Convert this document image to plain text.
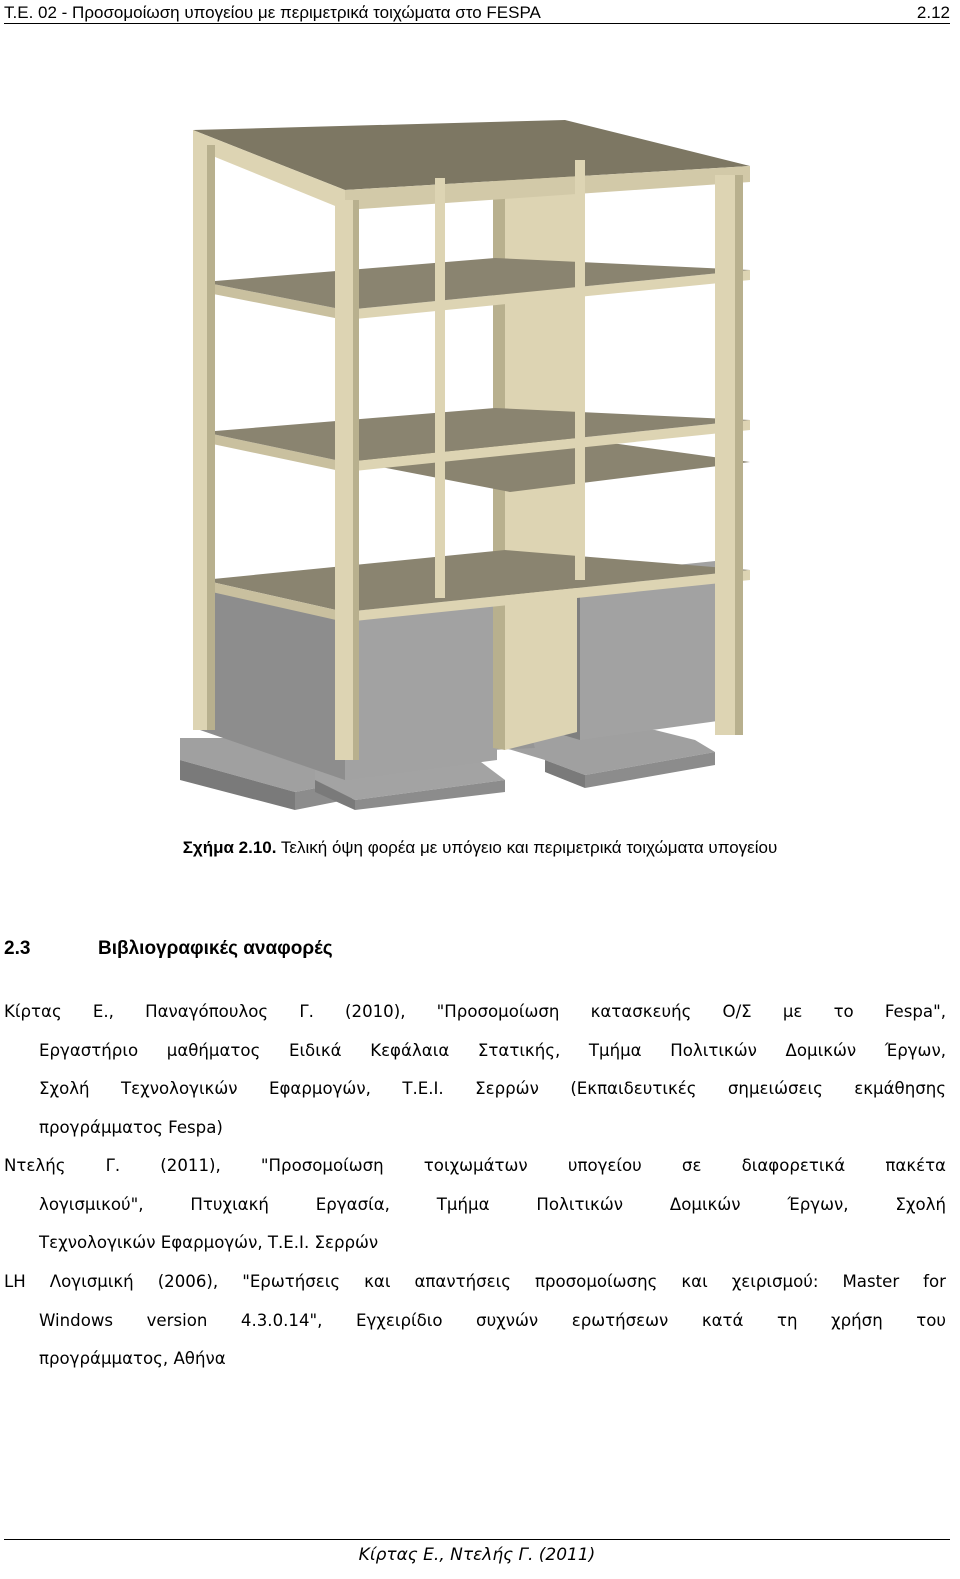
Τ.Ε. 02 - Προσομοίωση υπογείου με περιμετρικά τοιχώματα στο FESPA	2.12
Σχήμα 2.10. Τελική όψη φορέα με υπόγειο και περιμετρικά τοιχώματα υπογείου
2.3	Βιβλιογραφικές αναφορές
Κίρτας Ε., Παναγόπουλος Γ. (2010), "Προσομοίωση κατασκευής Ο/Σ με το Fespa",
Εργαστήριο μαθήματος Ειδικά Κεφάλαια Στατικής, Τμήμα Πολιτικών Δομικών Έργων,
Σχολή Τεχνολογικών Εφαρμογών, Τ.Ε.Ι. Σερρών (Εκπαιδευτικές σημειώσεις εκμάθησης
προγράμματος Fespa)
Ντελής Γ. (2011), "Προσομοίωση τοιχωμάτων υπογείου σε διαφορετικά πακέτα
λογισμικού", Πτυχιακή Εργασία, Τμήμα Πολιτικών Δομικών Έργων, Σχολή
Τεχνολογικών Εφαρμογών, Τ.Ε.Ι. Σερρών
LH Λογισμική (2006), "Ερωτήσεις και απαντήσεις προσομοίωσης και χειρισμού: Master for
Windows version 4.3.0.14", Εγχειρίδιο συχνών ερωτήσεων κατά τη χρήση του
προγράμματος, Αθήνα
Κίρτας Ε., Ντελής Γ. (2011)
